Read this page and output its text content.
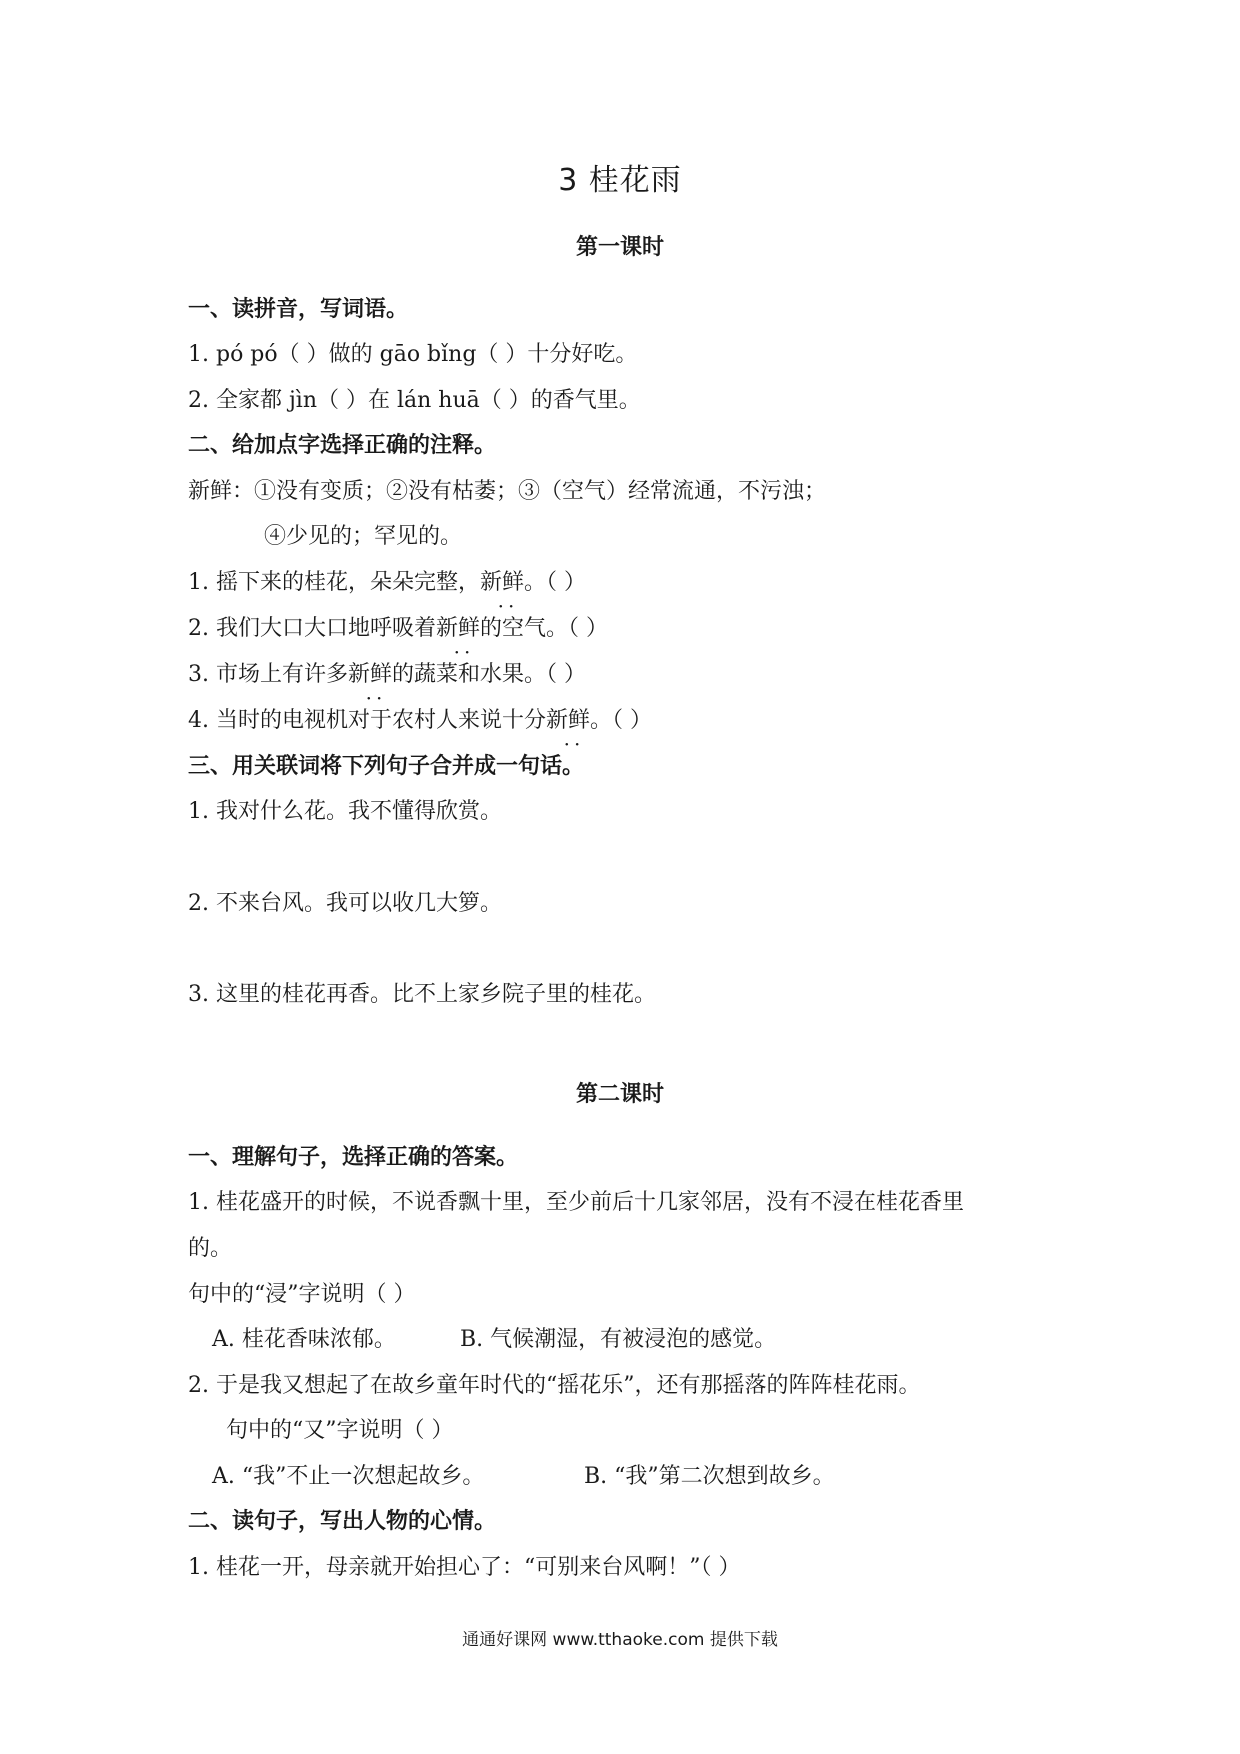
3 桂花雨
第一课时
一、读拼音，写词语。
1. pó pó（ ）做的 gāo bǐng（ ）十分好吃。
2. 全家都 jìn（ ）在 lán huā（ ）的香气里。
二、给加点字选择正确的注释。
新鲜：①没有变质；②没有枯萎；③（空气）经常流通，不污浊；
④少见的；罕见的。
1. 摇下来的桂花，朵朵完整，新鲜 · ·。（ ）
2. 我们大口大口地呼吸着新鲜 · ·的空气。（ ）
3. 市场上有许多新鲜 · ·的蔬菜和水果。（ ）
4. 当时的电视机对于农村人来说十分新鲜 · ·。（ ）
三、用关联词将下列句子合并成一句话。
1. 我对什么花。我不懂得欣赏。
2. 不来台风。我可以收几大箩。
3. 这里的桂花再香。比不上家乡院子里的桂花。
第二课时
一、理解句子，选择正确的答案。
1. 桂花盛开的时候，不说香飘十里，至少前后十几家邻居，没有不浸在桂花香里
的。
句中的“浸”字说明（ ）
A. 桂花香味浓郁。	B. 气候潮湿，有被浸泡的感觉。
2. 于是我又想起了在故乡童年时代的“摇花乐”，还有那摇落的阵阵桂花雨。
句中的“又”字说明（ ）
A. “我”不止一次想起故乡。	B. “我”第二次想到故乡。
二、读句子，写出人物的心情。
1. 桂花一开，母亲就开始担心了：“可别来台风啊！”（ ）
通通好课网 www.tthaoke.com 提供下载
